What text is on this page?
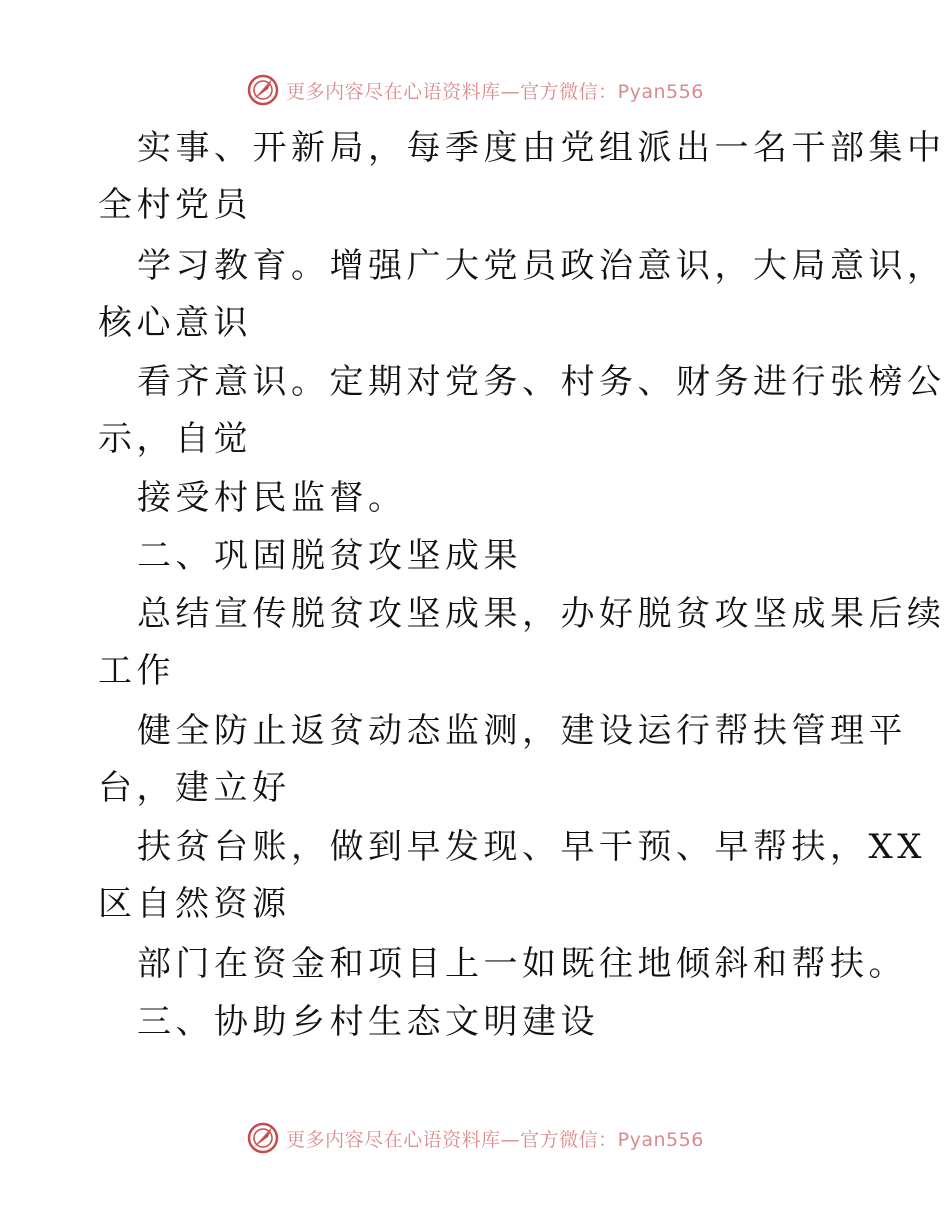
更多内容尽在心语资料库—官方微信：Pyan556
实事、开新局，每季度由党组派出一名干部集中
全村党员
学习教育。增强广大党员政治意识，大局意识，
核心意识
看齐意识。定期对党务、村务、财务进行张榜公
示，自觉
接受村民监督。
二、巩固脱贫攻坚成果
总结宣传脱贫攻坚成果，办好脱贫攻坚成果后续
工作
健全防止返贫动态监测，建设运行帮扶管理平
台，建立好
扶贫台账，做到早发现、早干预、早帮扶，XX
区自然资源
部门在资金和项目上一如既往地倾斜和帮扶。
三、协助乡村生态文明建设
更多内容尽在心语资料库—官方微信：Pyan556
